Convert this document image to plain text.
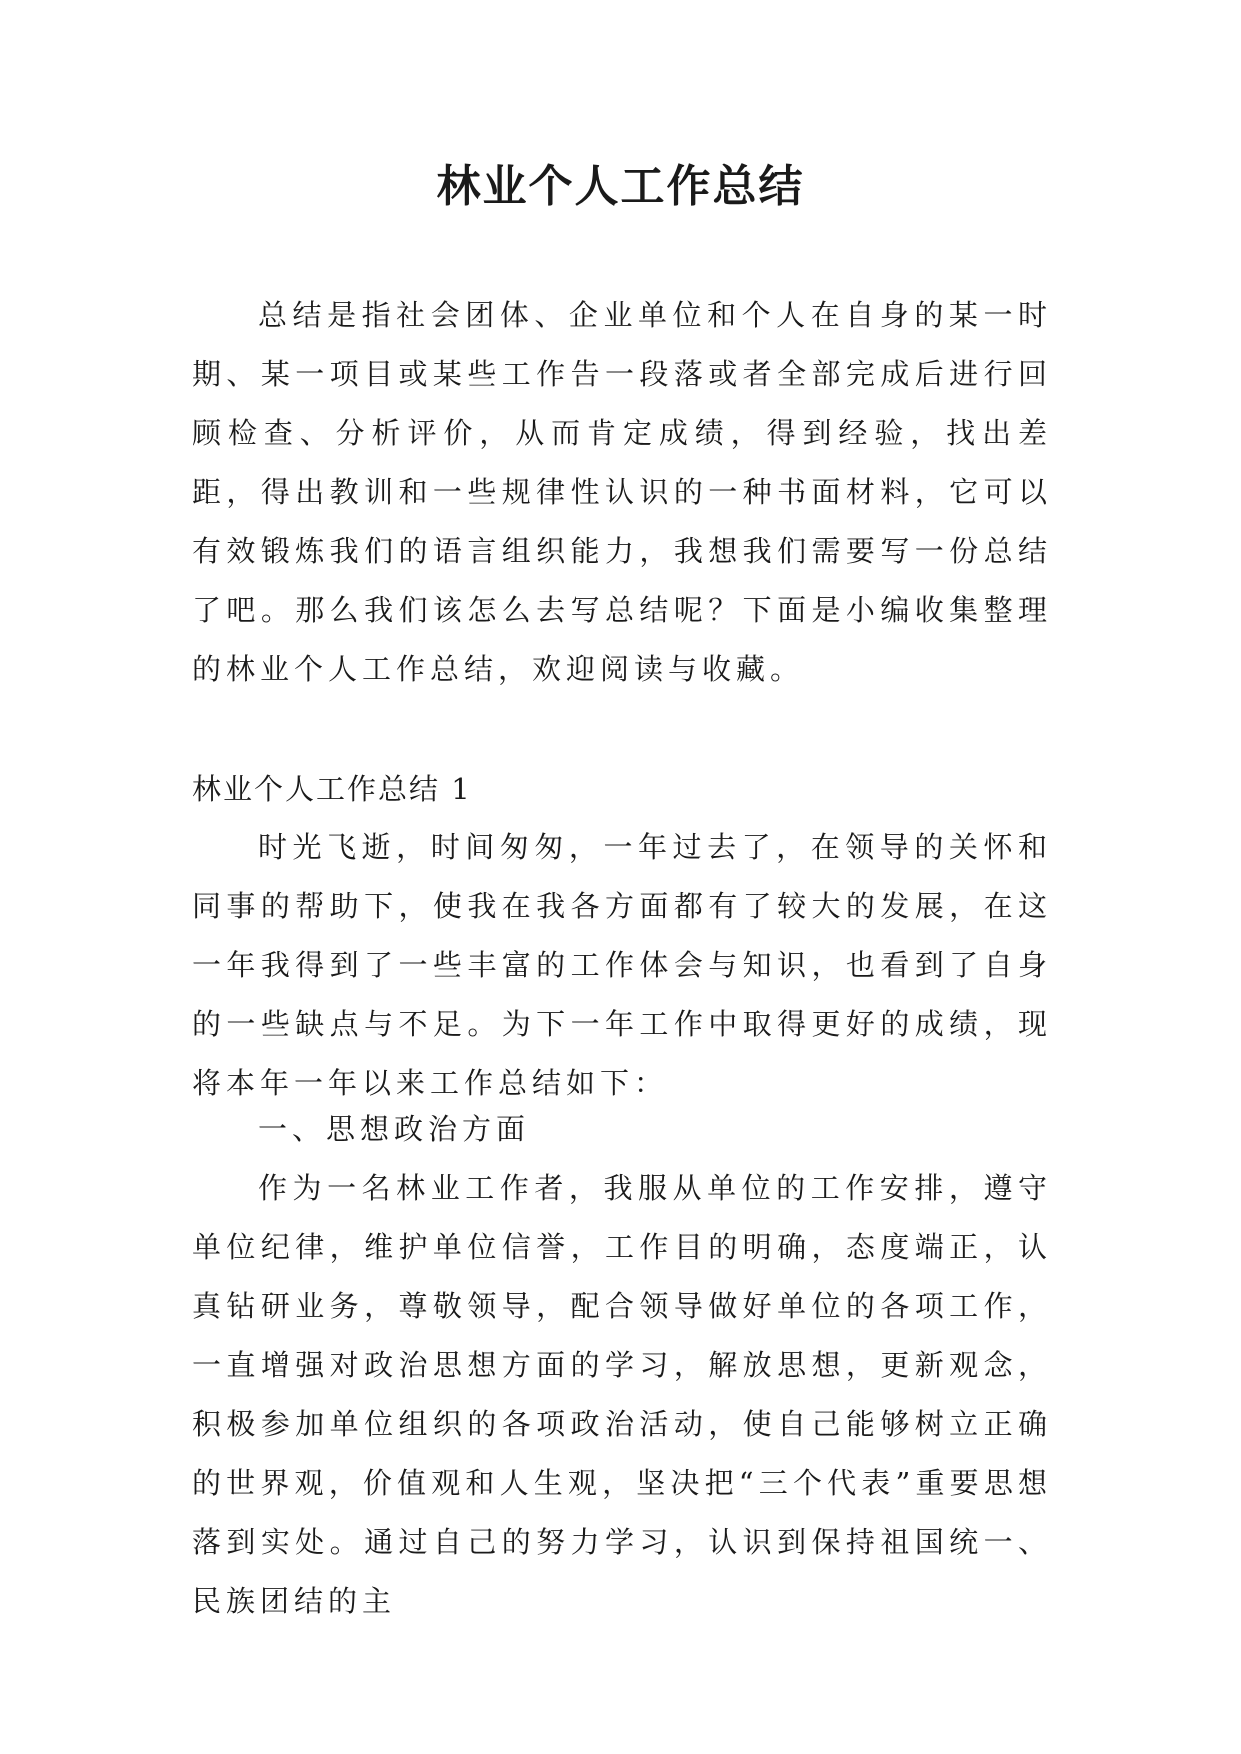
林业个人工作总结

总结是指社会团体、企业单位和个人在自身的某一时期、某一项目或某些工作告一段落或者全部完成后进行回顾检查、分析评价，从而肯定成绩，得到经验，找出差距，得出教训和一些规律性认识的一种书面材料，它可以有效锻炼我们的语言组织能力，我想我们需要写一份总结了吧。那么我们该怎么去写总结呢？下面是小编收集整理的林业个人工作总结，欢迎阅读与收藏。

林业个人工作总结 1

时光飞逝，时间匆匆，一年过去了，在领导的关怀和同事的帮助下，使我在我各方面都有了较大的发展，在这一年我得到了一些丰富的工作体会与知识，也看到了自身的一些缺点与不足。为下一年工作中取得更好的成绩，现将本年一年以来工作总结如下：

一、思想政治方面

作为一名林业工作者，我服从单位的工作安排，遵守单位纪律，维护单位信誉，工作目的明确，态度端正，认真钻研业务，尊敬领导，配合领导做好单位的各项工作，一直增强对政治思想方面的学习，解放思想，更新观念，积极参加单位组织的各项政治活动，使自己能够树立正确的世界观，价值观和人生观，坚决把“三个代表”重要思想落到实处。通过自己的努力学习，认识到保持祖国统一、民族团结的主
